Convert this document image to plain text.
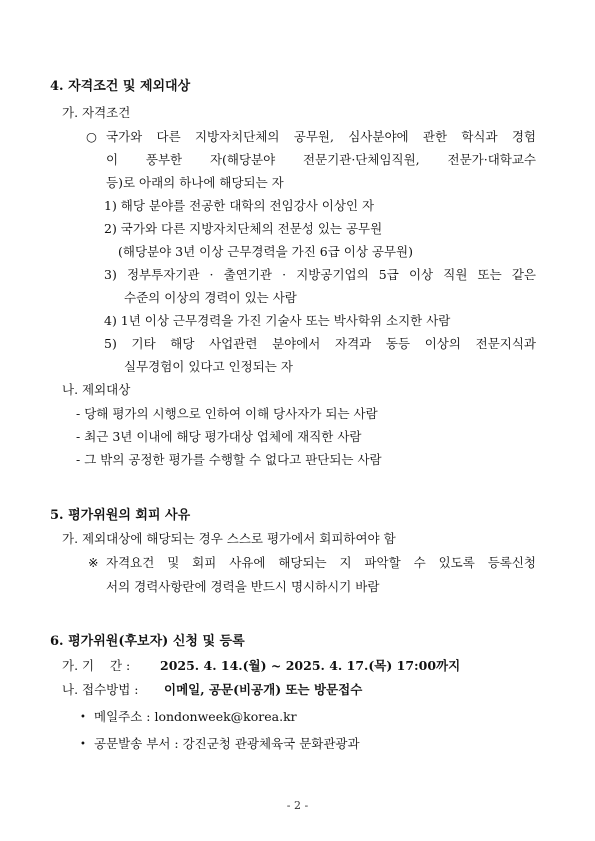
4. 자격조건 및 제외대상
가. 자격조건
○ 국가와 다른 지방자치단체의 공무원, 심사분야에 관한 학식과 경험
이 풍부한 자(해당분야 전문기관·단체임직원, 전문가·대학교수
등)로 아래의 하나에 해당되는 자
1) 해당 분야를 전공한 대학의 전임강사 이상인 자
2) 국가와 다른 지방자치단체의 전문성 있는 공무원
(해당분야 3년 이상 근무경력을 가진 6급 이상 공무원)
3) 정부투자기관 · 출연기관 · 지방공기업의 5급 이상 직원 또는 같은
수준의 이상의 경력이 있는 사람
4) 1년 이상 근무경력을 가진 기술사 또는 박사학위 소지한 사람
5) 기타 해당 사업관련 분야에서 자격과 동등 이상의 전문지식과
실무경험이 있다고 인정되는 자
나. 제외대상
- 당해 평가의 시행으로 인하여 이해 당사자가 되는 사람
- 최근 3년 이내에 해당 평가대상 업체에 재직한 사람
- 그 밖의 공정한 평가를 수행할 수 없다고 판단되는 사람
5. 평가위원의 회피 사유
가. 제외대상에 해당되는 경우 스스로 평가에서 회피하여야 함
※ 자격요건 및 회피 사유에 해당되는 지 파악할 수 있도록 등록신청
서의 경력사항란에 경력을 반드시 명시하시기 바람
6. 평가위원(후보자) 신청 및 등록
가. 기    간 : 2025. 4. 14.(월) ~ 2025. 4. 17.(목) 17:00까지
나. 접수방법 : 이메일, 공문(비공개) 또는 방문접수
• 메일주소 : londonweek@korea.kr
• 공문발송 부서 : 강진군청 관광체육국 문화관광과
- 2 -
